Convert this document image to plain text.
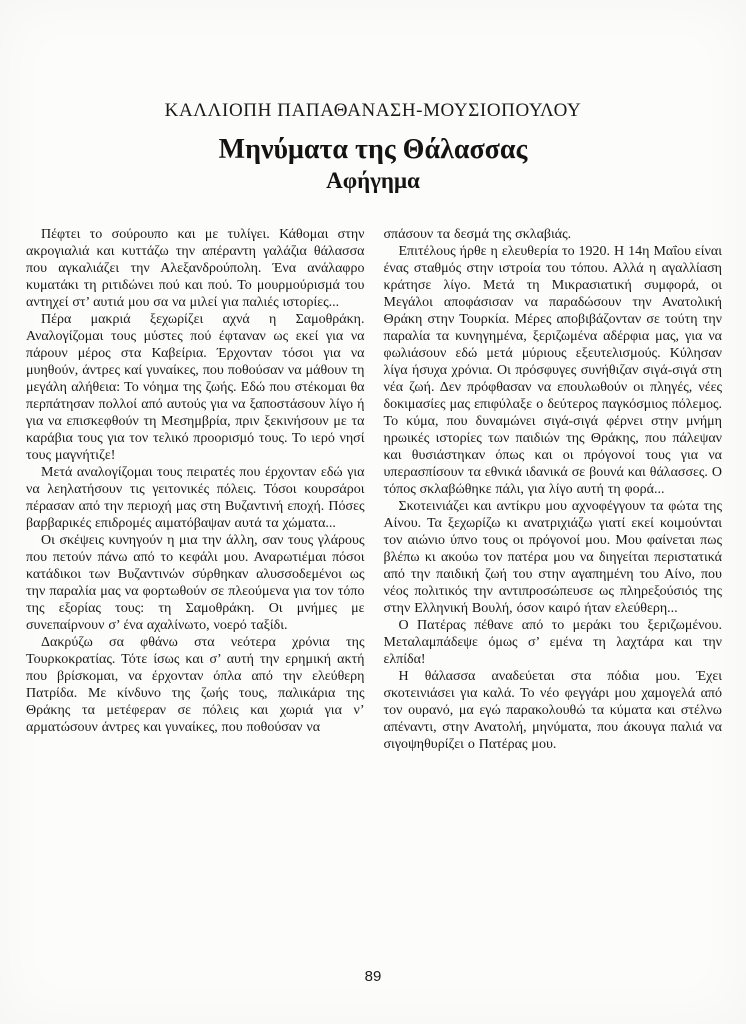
ΚΑΛΛΙΟΠΗ ΠΑΠΑΘΑΝΑΣΗ-ΜΟΥΣΙΟΠΟΥΛΟΥ
Μηνύματα της Θάλασσας
Αφήγημα

Πέφτει το σούρουπο και με τυλίγει. Κάθομαι στην ακρογιαλιά και κυττάζω την απέραντη γαλάζια θάλασσα που αγκαλιάζει την Αλεξανδρούπολη. Ένα ανάλαφρο κυματάκι τη ριτιδώνει πού και πού. Το μουρμούρισμά του αντηχεί στ’ αυτιά μου σα να μιλεί για παλιές ιστορίες...

Πέρα μακριά ξεχωρίζει αχνά η Σαμοθράκη. Αναλογίζομαι τους μύστες πού έφταναν ως εκεί για να πάρουν μέρος στα Καβείρια. Έρχονταν τόσοι για να μυηθούν, άντρες καί γυναίκες, που ποθούσαν να μάθουν τη μεγάλη αλήθεια: Το νόημα της ζωής. Εδώ που στέκομαι θα περπάτησαν πολλοί από αυτούς για να ξαποστάσουν λίγο ή για να επισκεφθούν τη Μεσημβρία, πριν ξεκινήσουν με τα καράβια τους για τον τελικό προορισμό τους. Το ιερό νησί τους μαγνήτιζε!

Μετά αναλογίζομαι τους πειρατές που έρχονταν εδώ για να λεηλατήσουν τις γειτονικές πόλεις. Τόσοι κουρσάροι πέρασαν από την περιοχή μας στη Βυζαντινή εποχή. Πόσες βαρβαρικές επιδρομές αιματόβαψαν αυτά τα χώματα...

Οι σκέψεις κυνηγούν η μια την άλλη, σαν τους γλάρους που πετούν πάνω από το κεφάλι μου. Αναρωτιέμαι πόσοι κατάδικοι των Βυζαντινών σύρθηκαν αλυσσοδεμένοι ως την παραλία μας να φορτωθούν σε πλεούμενα για τον τόπο της εξορίας τους: τη Σαμοθράκη. Οι μνήμες με συνεπαίρνουν σ’ ένα αχαλίνωτο, νοερό ταξίδι.

Δακρύζω σα φθάνω στα νεότερα χρόνια της Τουρκοκρατίας. Τότε ίσως και σ’ αυτή την ερημική ακτή που βρίσκομαι, να έρχονταν όπλα από την ελεύθερη Πατρίδα. Με κίνδυνο της ζωής τους, παλικάρια της Θράκης τα μετέφεραν σε πόλεις και χωριά για ν’ αρματώσουν άντρες και γυναίκες, που ποθούσαν να

σπάσουν τα δεσμά της σκλαβιάς.

Επιτέλους ήρθε η ελευθερία το 1920. Η 14η Μαΐου είναι ένας σταθμός στην ιστροία του τόπου. Αλλά η αγαλλίαση κράτησε λίγο. Μετά τη Μικρασιατική συμφορά, οι Μεγάλοι αποφάσισαν να παραδώσουν την Ανατολική Θράκη στην Τουρκία. Μέρες αποβιβάζονταν σε τούτη την παραλία τα κυνηγημένα, ξεριζωμένα αδέρφια μας, για να φωλιάσουν εδώ μετά μύριους εξευτελισμούς. Κύλησαν λίγα ήσυχα χρόνια. Οι πρόσφυγες συνήθιζαν σιγά-σιγά στη νέα ζωή. Δεν πρόφθασαν να επουλωθούν οι πληγές, νέες δοκιμασίες μας επιφύλαξε ο δεύτερος παγκόσμιος πόλεμος. Το κύμα, που δυναμώνει σιγά-σιγά φέρνει στην μνήμη ηρωικές ιστορίες των παιδιών της Θράκης, που πάλεψαν και θυσιάστηκαν όπως και οι πρόγονοί τους για να υπερασπίσουν τα εθνικά ιδανικά σε βουνά και θάλασσες. Ο τόπος σκλαβώθηκε πάλι, για λίγο αυτή τη φορά...

Σκοτεινιάζει και αντίκρυ μου αχνοφέγγουν τα φώτα της Αίνου. Τα ξεχωρίζω κι ανατριχιάζω γιατί εκεί κοιμούνται τον αιώνιο ύπνο τους οι πρόγονοί μου. Μου φαίνεται πως βλέπω κι ακούω τον πατέρα μου να διηγείται περιστατικά από την παιδική ζωή του στην αγαπημένη του Αίνο, που νέος πολιτικός την αντιπροσώπευσε ως πληρεξούσιός της στην Ελληνική Βουλή, όσον καιρό ήταν ελεύθερη...

Ο Πατέρας πέθανε από το μεράκι του ξεριζωμένου. Μεταλαμπάδεψε όμως σ’ εμένα τη λαχτάρα και την ελπίδα!

Η θάλασσα αναδεύεται στα πόδια μου. Έχει σκοτεινιάσει για καλά. Το νέο φεγγάρι μου χαμογελά από τον ουρανό, μα εγώ παρακολουθώ τα κύματα και στέλνω απέναντι, στην Ανατολή, μηνύματα, που άκουγα παλιά να σιγοψηθυρίζει ο Πατέρας μου.

89
